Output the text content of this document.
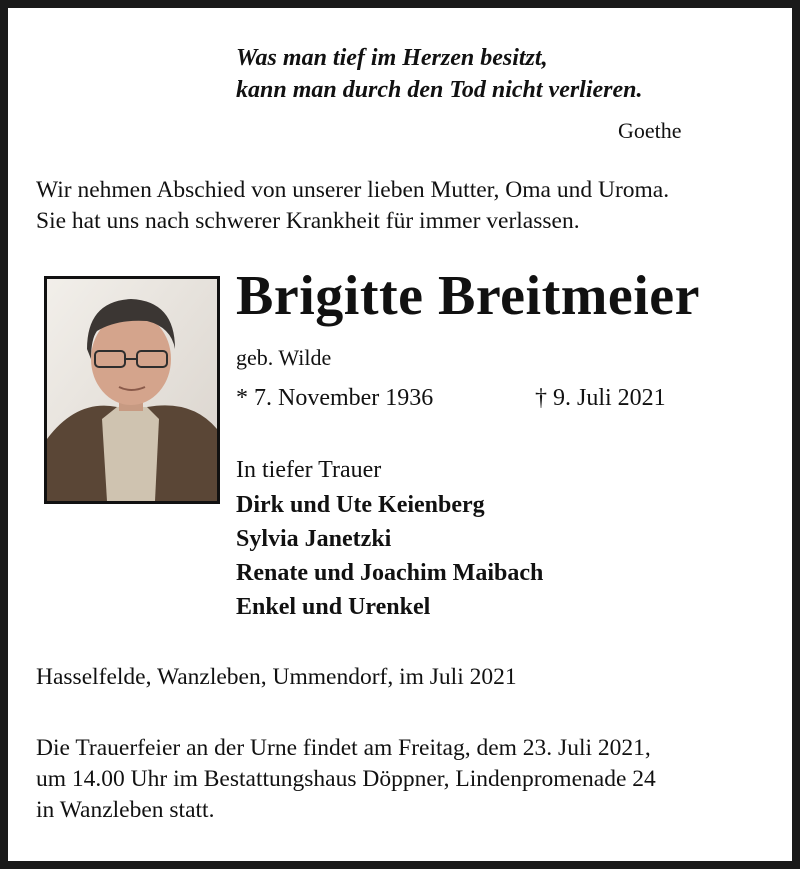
Was man tief im Herzen besitzt,
kann man durch den Tod nicht verlieren.
Goethe
Wir nehmen Abschied von unserer lieben Mutter, Oma und Uroma.
Sie hat uns nach schwerer Krankheit für immer verlassen.
Brigitte Breitmeier
geb. Wilde
* 7. November 1936	† 9. Juli 2021
In tiefer Trauer
Dirk und Ute Keienberg
Sylvia Janetzki
Renate und Joachim Maibach
Enkel und Urenkel
Hasselfelde, Wanzleben, Ummendorf, im Juli 2021
Die Trauerfeier an der Urne findet am Freitag, dem 23. Juli 2021,
um 14.00 Uhr im Bestattungshaus Döppner, Lindenpromenade 24
in Wanzleben statt.
